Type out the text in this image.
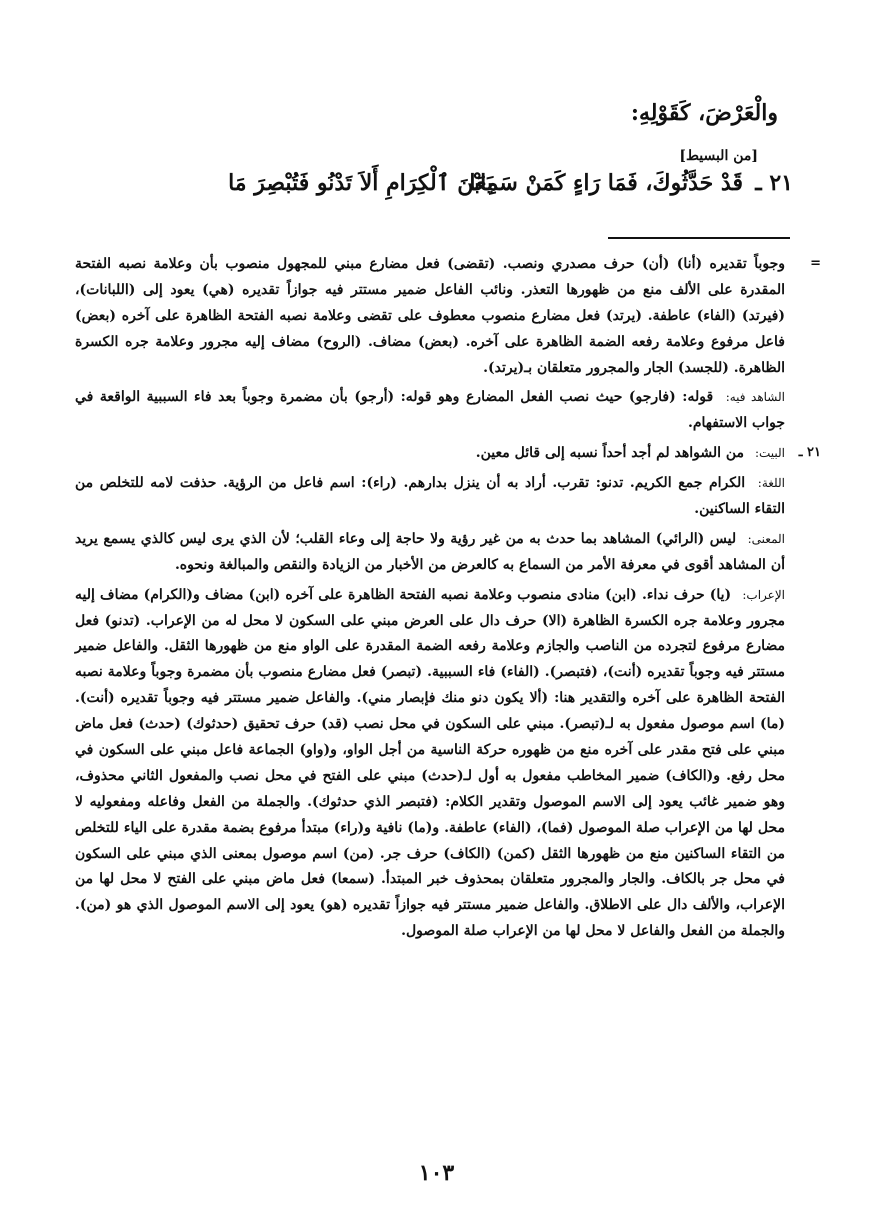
والْعَرْضَ، كَقَوْلِهِ:
[من البسيط]
٢١ ـ
يَابْنَ ٱلْكِرَامِ أَلاَ تَدْنُو فَتُبْصِرَ مَا
قَدْ حَدَّثُوكَ، فَمَا رَاءٍ كَمَنْ سَمِعَا

=
وجوباً تقديره (أنا) (أن) حرف مصدري ونصب. (تقضى) فعل مضارع مبني للمجهول منصوب بأن وعلامة نصبه الفتحة المقدرة على الألف منع من ظهورها التعذر. ونائب الفاعل ضمير مستتر فيه جوازاً تقديره (هي) يعود إلى (اللبانات)، (فيرتد) (الفاء) عاطفة. (يرتد) فعل مضارع منصوب معطوف على تقضى وعلامة نصبه الفتحة الظاهرة على آخره (بعض) فاعل مرفوع وعلامة رفعه الضمة الظاهرة على آخره. (بعض) مضاف. (الروح) مضاف إليه مجرور وعلامة جره الكسرة الظاهرة. (للجسد) الجار والمجرور متعلقان بـ(يرتد).

الشاهد فيه: قوله: (فارجو) حيث نصب الفعل المضارع وهو قوله: (أرجو) بأن مضمرة وجوباً بعد فاء السببية الواقعة في جواب الاستفهام.

٢١ ـ
البيت: من الشواهد لم أجد أحداً نسبه إلى قائل معين.

اللغة: الكرام جمع الكريم. تدنو: تقرب. أراد به أن ينزل بدارهم. (راء): اسم فاعل من الرؤية. حذفت لامه للتخلص من التقاء الساكنين.

المعنى: ليس (الرائي) المشاهد بما حدث به من غير رؤية ولا حاجة إلى وعاء القلب؛ لأن الذي يرى ليس كالذي يسمع يريد أن المشاهد أقوى في معرفة الأمر من السماع به كالعرض من الأخبار من الزيادة والنقص والمبالغة ونحوه.

الإعراب: (يا) حرف نداء. (ابن) منادى منصوب وعلامة نصبه الفتحة الظاهرة على آخره (ابن) مضاف و(الكرام) مضاف إليه مجرور وعلامة جره الكسرة الظاهرة (الا) حرف دال على العرض مبني على السكون لا محل له من الإعراب. (تدنو) فعل مضارع مرفوع لتجرده من الناصب والجازم وعلامة رفعه الضمة المقدرة على الواو منع من ظهورها الثقل. والفاعل ضمير مستتر فيه وجوباً تقديره (أنت)، (فتبصر). (الفاء) فاء السببية. (تبصر) فعل مضارع منصوب بأن مضمرة وجوباً وعلامة نصبه الفتحة الظاهرة على آخره والتقدير هنا: (ألا يكون دنو منك فإبصار مني). والفاعل ضمير مستتر فيه وجوباً تقديره (أنت). (ما) اسم موصول مفعول به لـ(تبصر). مبني على السكون في محل نصب (قد) حرف تحقيق (حدثوك) (حدث) فعل ماض مبني على فتح مقدر على آخره منع من ظهوره حركة الناسية من أجل الواو، و(واو) الجماعة فاعل مبني على السكون في محل رفع. و(الكاف) ضمير المخاطب مفعول به أول لـ(حدث) مبني على الفتح في محل نصب والمفعول الثاني محذوف، وهو ضمير غائب يعود إلى الاسم الموصول وتقدير الكلام: (فتبصر الذي حدثوك). والجملة من الفعل وفاعله ومفعوليه لا محل لها من الإعراب صلة الموصول (فما)، (الفاء) عاطفة. و(ما) نافية و(راء) مبتدأ مرفوع بضمة مقدرة على الياء للتخلص من التقاء الساكنين منع من ظهورها الثقل (كمن) (الكاف) حرف جر. (من) اسم موصول بمعنى الذي مبني على السكون في محل جر بالكاف. والجار والمجرور متعلقان بمحذوف خبر المبتدأ. (سمعا) فعل ماض مبني على الفتح لا محل لها من الإعراب، والألف دال على الاطلاق. والفاعل ضمير مستتر فيه جوازاً تقديره (هو) يعود إلى الاسم الموصول الذي هو (من). والجملة من الفعل والفاعل لا محل لها من الإعراب صلة الموصول.

١٠٣
